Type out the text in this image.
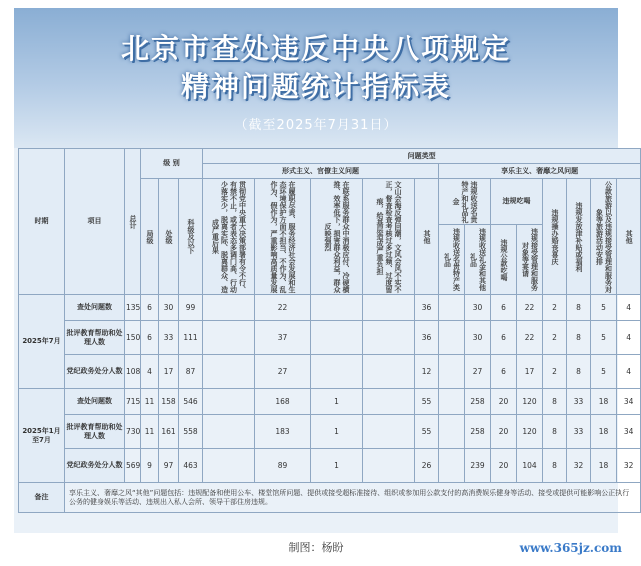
北京市查处违反中央八项规定
精神问题统计指标表
（截至2025年7月31日）
时期	项目	总计	级 别			问题类型												
						形式主义、官僚主义问题					享乐主义、奢靡之风问题							

			局级	处级	科级及以下	贯彻党中央重大决策部署有令不行、有禁不止，或者表态多调门高、行动少落实少，脱离实际、脱离群众、造成严重后果	在履职尽责、服务经济社会发展和生态环境保护方面不担当、不作为、乱作为、假作为，严重影响高质量发展	在联系服务群众中消极应付、冷硬横推、效率低下，损害群众利益，群众反映强烈	文山会海反弹回潮，文风会风不实不正，督查检查考核过多过频、过度留痕，给基层造成严重负担	其他	违规收送名贵特产和礼品礼金		违规吃喝		违规操办婚丧喜庆	违规发放津补贴或福利	公款旅游以及违规接受管理和服务对象等旅游活动安排	其他

											违规收送名贵特产类礼品	违规收送礼金和其他礼品	违规公款吃喝	违规接受管理和服务对象等宴请				

2025年7月	查处问题数	135	6	30	99		22			36		30	6	22	2	8	5	4
	批评教育帮助和处理人数	150	6	33	111		37			36		30	6	22	2	8	5	4
	党纪政务处分人数	108	4	17	87		27			12		27	6	17	2	8	5	4
2025年1月至7月	查处问题数	715	11	158	546		168	1		55		258	20	120	8	33	18	34
	批评教育帮助和处理人数	730	11	161	558		183	1		55		258	20	120	8	33	18	34
	党纪政务处分人数	569	9	97	463		89	1		26		239	20	104	8	32	18	32
备注	享乐主义、奢靡之风“其他”问题包括：违规配备和使用公车、楼堂馆所问题、提供或接受超标准接待、组织或参加用公款支付的高消费娱乐健身等活动、接受或提供可能影响公正执行公务的健身娱乐等活动、违规出入私人会所、领导干部住房违规。																	
制图：杨盼	www.365jz.com
